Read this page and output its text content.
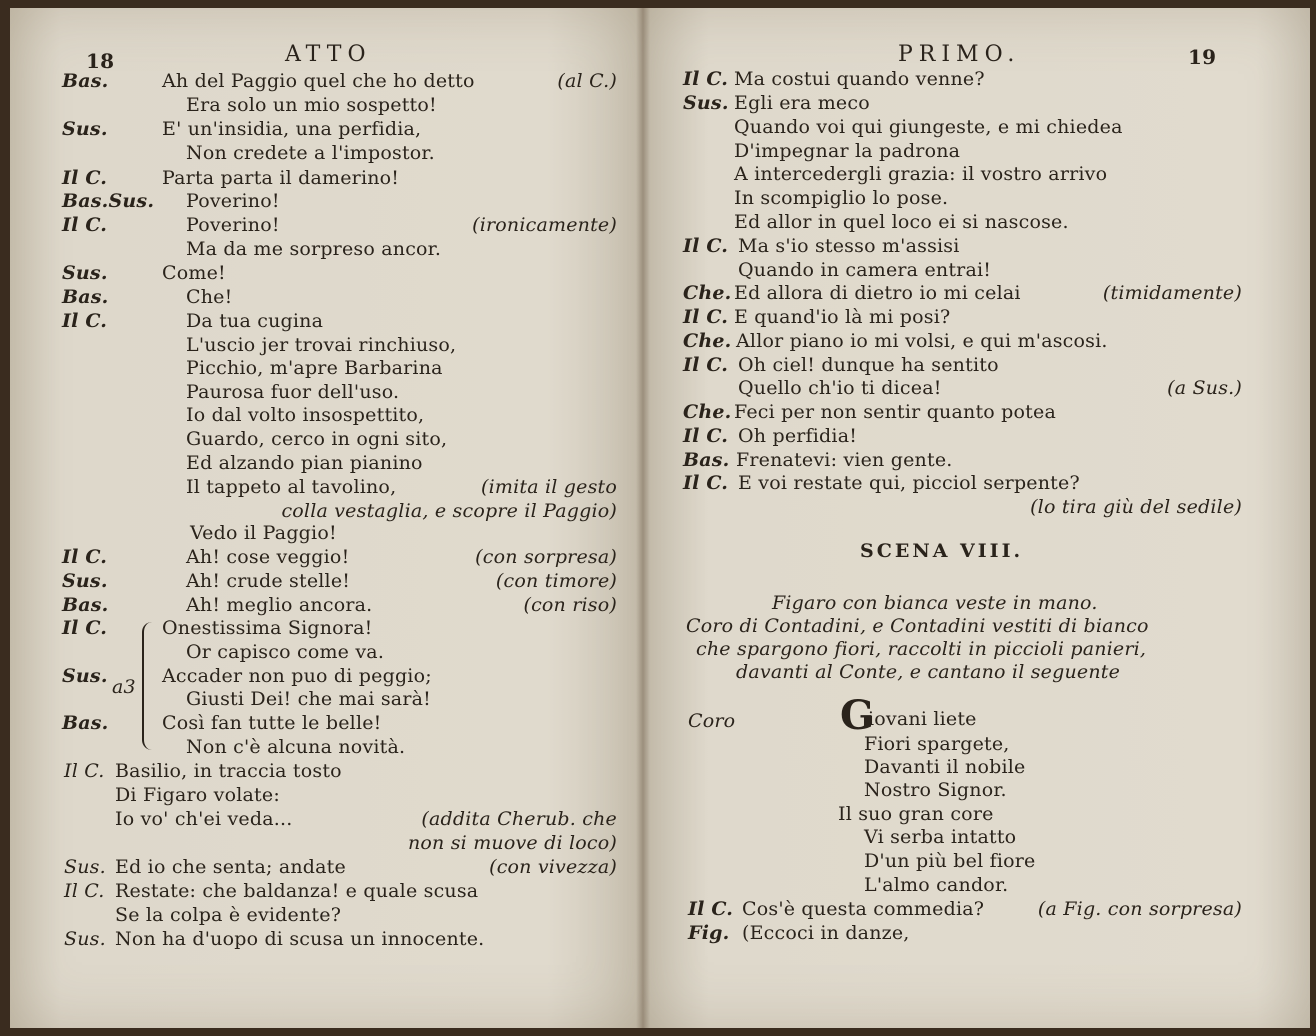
18	ATTO
Bas.	Ah del Paggio quel che ho detto	(al C.)
Era solo un mio sospetto!
Sus.	E' un'insidia, una perfidia,
Non credete a l'impostor.
Il C.	Parta parta il damerino!
Bas.Sus. Poverino!
Il C.	Poverino!	(ironicamente)
Ma da me sorpreso ancor.
Sus.	Come!
Bas.	Che!
Il C.	Da tua cugina
L'uscio jer trovai rinchiuso,
Picchio, m'apre Barbarina
Paurosa fuor dell'uso.
Io dal volto insospettito,
Guardo, cerco in ogni sito,
Ed alzando pian pianino
Il tappeto al tavolino,	(imita il gesto
colla vestaglia, e scopre il Paggio)
Vedo il Paggio!
Il C.	Ah! cose veggio!	(con sorpresa)
Sus.	Ah! crude stelle!	(con timore)
Bas.	Ah! meglio ancora.	(con riso)
Il C.	Onestissima Signora!
Or capisco come va.
Sus.	Accader non puo di peggio;
Giusti Dei! che mai sarà!
Bas.	Così fan tutte le belle!
Non c'è alcuna novità.
Il C. Basilio, in traccia tosto
Di Figaro volate:
Io vo' ch'ei veda...	(addita Cherub. che
non si muove di loco)
Sus. Ed io che senta; andate	(con vivezza)
Il C. Restate: che baldanza! e quale scusa
Se la colpa è evidente?
Sus. Non ha d'uopo di scusa un innocente.
a3
PRIMO.	19
Il C. Ma costui quando venne?
Sus. Egli era meco
Quando voi qui giungeste, e mi chiedea
D'impegnar la padrona
A intercedergli grazia: il vostro arrivo
In scompiglio lo pose.
Ed allor in quel loco ei si nascose.
Il C. Ma s'io stesso m'assisi
Quando in camera entrai!
Che. Ed allora di dietro io mi celai	(timidamente)
Il C. E quand'io là mi posi?
Che. Allor piano io mi volsi, e qui m'ascosi.
Il C. Oh ciel! dunque ha sentito
Quello ch'io ti dicea!	(a Sus.)
Che. Feci per non sentir quanto potea
Il C. Oh perfidia!
Bas. Frenatevi: vien gente.
Il C. E voi restate qui, picciol serpente?
(lo tira giù del sedile)
SCENA VIII.
Figaro con bianca veste in mano.
Coro di Contadini, e Contadini vestiti di bianco
che spargono fiori, raccolti in piccioli panieri,
davanti al Conte, e cantano il seguente
Coro	G
iovani liete
Fiori spargete,
Davanti il nobile
Nostro Signor.
Il suo gran core
Vi serba intatto
D'un più bel fiore
L'almo candor.
Il C. Cos'è questa commedia?	(a Fig. con sorpresa)
Fig. (Eccoci in danze,
